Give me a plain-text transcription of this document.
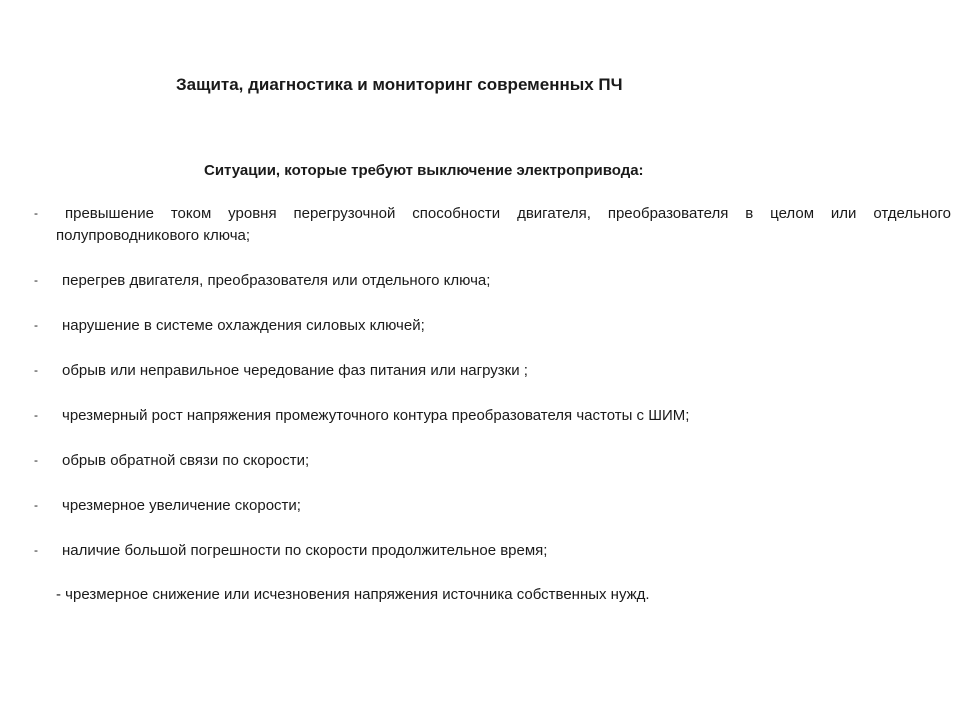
Защита, диагностика и мониторинг современных ПЧ
Ситуации, которые требуют выключение электропривода:
-	превышение током уровня перегрузочной способности двигателя, преобразователя в целом или отдельного полупроводникового ключа;
- перегрев двигателя, преобразователя или отдельного ключа;
- нарушение в системе охлаждения силовых ключей;
- обрыв или неправильное чередование фаз питания или нагрузки ;
- чрезмерный рост напряжения промежуточного контура преобразователя частоты с ШИМ;
- обрыв обратной связи по скорости;
- чрезмерное увеличение скорости;
- наличие большой погрешности по скорости продолжительное время;
- чрезмерное снижение или исчезновения напряжения источника собственных нужд.
